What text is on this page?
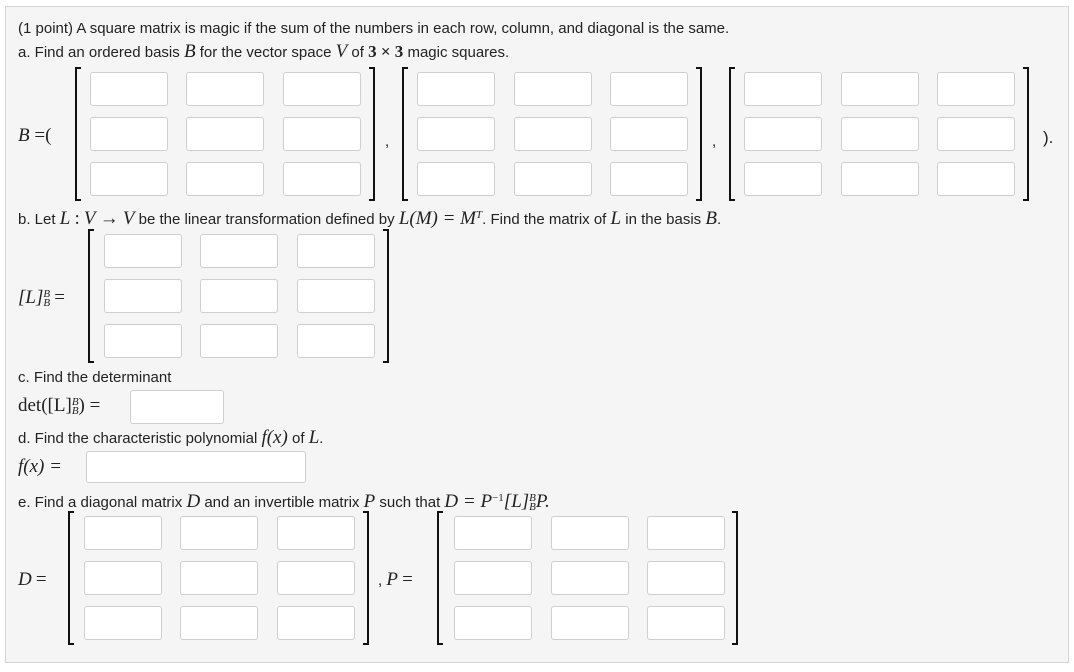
(1 point) A square matrix is magic if the sum of the numbers in each row, column, and diagonal is the same.
a. Find an ordered basis B for the vector space V of 3 × 3 magic squares.
B =(	).
,	,
b. Let L : V → V be the linear transformation defined by $L(M) = M^T$. Find the matrix of L in the basis B.
[L] B
B =
c. Find the determinant
det([L] B
B ) =
d. Find the characteristic polynomial f(x) of L.
f(x) =
e. Find a diagonal matrix D and an invertible matrix P such that $D = P^{-1}[L]$ B
B P.
D =	, P =
